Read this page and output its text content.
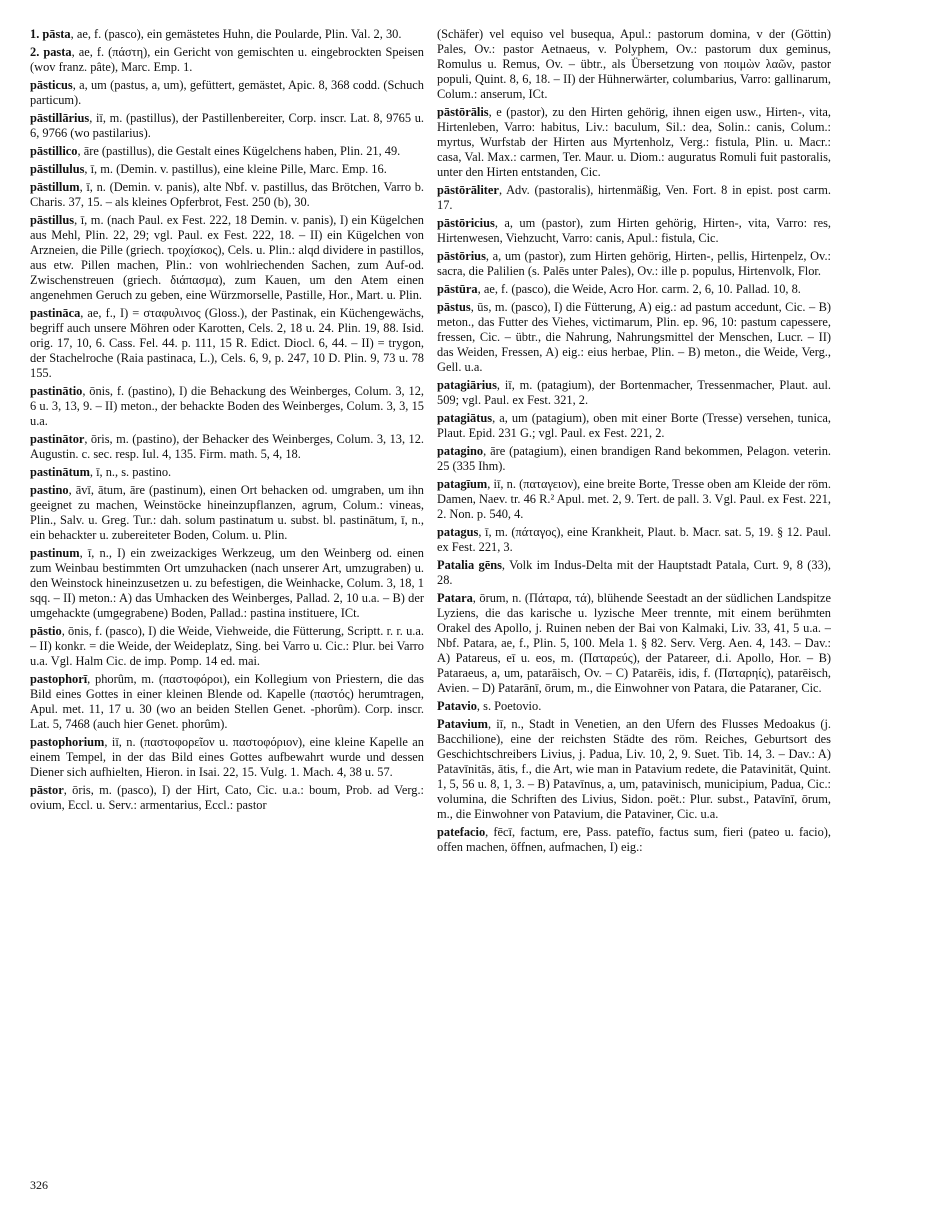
1. pāsta, ae, f. (pasco), ein gemästetes Huhn, die Poularde, Plin. Val. 2, 30.

2. pasta, ae, f. (πάστη), ein Gericht von gemischten u. eingebrockten Speisen (wov franz. pâte), Marc. Emp. 1.

pāsticus, a, um (pastus, a, um), gefüttert, gemästet, Apic. 8, 368 codd. (Schuch particum).

pāstillārius, iī, m. (pastillus), der Pastillenbereiter, Corp. inscr. Lat. 8, 9765 u. 6, 9766 (wo pastilarius).

pāstillico, āre (pastillus), die Gestalt eines Kügelchens haben, Plin. 21, 49.

pāstillulus, ī, m. (Demin. v. pastillus), eine kleine Pille, Marc. Emp. 16.

pāstillum, ī, n. (Demin. v. panis), alte Nbf. v. pastillus, das Brötchen, Varro b. Charis. 37, 15. – als kleines Opferbrot, Fest. 250 (b), 30.

pāstillus, ī, m. (nach Paul. ex Fest. 222, 18 Demin. v. panis), I) ein Kügelchen aus Mehl, Plin. 22, 29; vgl. Paul. ex Fest. 222, 18. – II) ein Kügelchen von Arzneien, die Pille (griech. τροχίσκος), Cels. u. Plin.: alqd dividere in pastillos, aus etw. Pillen machen, Plin.: von wohlriechenden Sachen, zum Auf-od. Zwischenstreuen (griech. διάπασμα), zum Kauen, um den Atem einen angenehmen Geruch zu geben, eine Würzmorselle, Pastille, Hor., Mart. u. Plin.

pastināca, ae, f., I) = σταφυλινος (Gloss.), der Pastinak, ein Küchengewächs, begriff auch unsere Möhren oder Karotten, Cels. 2, 18 u. 24. Plin. 19, 88. Isid. orig. 17, 10, 6. Cass. Fel. 44. p. 111, 15 R. Edict. Diocl. 6, 44. – II) = trygon, der Stachelroche (Raia pastinaca, L.), Cels. 6, 9, p. 247, 10 D. Plin. 9, 73 u. 78 155.

pastinātio, ōnis, f. (pastino), I) die Behackung des Weinberges, Colum. 3, 12, 6 u. 3, 13, 9. – II) meton., der behackte Boden des Weinberges, Colum. 3, 3, 15 u.a.

pastinātor, ōris, m. (pastino), der Behacker des Weinberges, Colum. 3, 13, 12. Augustin. c. sec. resp. Iul. 4, 135. Firm. math. 5, 4, 18.

pastinātum, ī, n., s. pastino.

pastino, āvī, ātum, āre (pastinum), einen Ort behacken od. umgraben, um ihn geeignet zu machen, Weinstöcke hineinzupflanzen, agrum, Colum.: vineas, Plin., Salv. u. Greg. Tur.: dah. solum pastinatum u. subst. bl. pastinātum, ī, n., ein behackter u. zubereiteter Boden, Colum. u. Plin.

pastinum, ī, n., I) ein zweizackiges Werkzeug, um den Weinberg od. einen zum Weinbau bestimmten Ort umzuhacken (nach unserer Art, umzugraben) u. den Weinstock hineinzusetzen u. zu befestigen, die Weinhacke, Colum. 3, 18, 1 sqq. – II) meton.: A) das Umhacken des Weinberges, Pallad. 2, 10 u.a. – B) der umgehackte (umgegrabene) Boden, Pallad.: pastina instituere, ICt.

pāstio, ōnis, f. (pasco), I) die Weide, Viehweide, die Fütterung, Scriptt. r. r. u.a. – II) konkr. = die Weide, der Weideplatz, Sing. bei Varro u. Cic.: Plur. bei Varro u.a. Vgl. Halm Cic. de imp. Pomp. 14 ed. mai.

pastophorī, phorûm, m. (παστοφόροι), ein Kollegium von Priestern, die das Bild eines Gottes in einer kleinen Blende od. Kapelle (παστός) herumtragen, Apul. met. 11, 17 u. 30 (wo an beiden Stellen Genet. -phorûm). Corp. inscr. Lat. 5, 7468 (auch hier Genet. phorûm).

pastophorium, iī, n. (παστοφορεῖον u. παστοφόριον), eine kleine Kapelle an einem Tempel, in der das Bild eines Gottes aufbewahrt wurde und dessen Diener sich aufhielten, Hieron. in Isai. 22, 15. Vulg. 1. Mach. 4, 38 u. 57.

pāstor, ōris, m. (pasco), I) der Hirt, Cato, Cic. u.a.: boum, Prob. ad Verg.: ovium, Eccl. u. Serv.: armentarius, Eccl.: pastor

(Schäfer) vel equiso vel busequa, Apul.: pastorum domina, v der (Göttin) Pales, Ov.: pastor Aetnaeus, v. Polyphem, Ov.: pastorum dux geminus, Romulus u. Remus, Ov. – übtr., als Übersetzung von ποιμὼν λαῶν, pastor populi, Quint. 8, 6, 18. – II) der Hühnerwärter, columbarius, Varro: gallinarum, Colum.: anserum, ICt.

pāstōrālis, e (pastor), zu den Hirten gehörig, ihnen eigen usw., Hirten-, vita, Hirtenleben, Varro: habitus, Liv.: baculum, Sil.: dea, Solin.: canis, Colum.: myrtus, Wurfstab der Hirten aus Myrtenholz, Verg.: fistula, Plin. u. Macr.: casa, Val. Max.: carmen, Ter. Maur. u. Diom.: auguratus Romuli fuit pastoralis, unter den Hirten entstanden, Cic.

pāstōrāliter, Adv. (pastoralis), hirtenmäßig, Ven. Fort. 8 in epist. post carm. 17.

pāstōricius, a, um (pastor), zum Hirten gehörig, Hirten-, vita, Varro: res, Hirtenwesen, Viehzucht, Varro: canis, Apul.: fistula, Cic.

pāstōrius, a, um (pastor), zum Hirten gehörig, Hirten-, pellis, Hirtenpelz, Ov.: sacra, die Palilien (s. Palēs unter Pales), Ov.: ille p. populus, Hirtenvolk, Flor.

pāstūra, ae, f. (pasco), die Weide, Acro Hor. carm. 2, 6, 10. Pallad. 10, 8.

pāstus, ūs, m. (pasco), I) die Fütterung, A) eig.: ad pastum accedunt, Cic. – B) meton., das Futter des Viehes, victimarum, Plin. ep. 96, 10: pastum capessere, fressen, Cic. – übtr., die Nahrung, Nahrungsmittel der Menschen, Lucr. – II) das Weiden, Fressen, A) eig.: eius herbae, Plin. – B) meton., die Weide, Verg., Gell. u.a.

patagiārius, iī, m. (patagium), der Bortenmacher, Tressenmacher, Plaut. aul. 509; vgl. Paul. ex Fest. 321, 2.

patagiātus, a, um (patagium), oben mit einer Borte (Tresse) versehen, tunica, Plaut. Epid. 231 G.; vgl. Paul. ex Fest. 221, 2.

patagino, āre (patagium), einen brandigen Rand bekommen, Pelagon. veterin. 25 (335 Ihm).

patagīum, iī, n. (παταγειον), eine breite Borte, Tresse oben am Kleide der röm. Damen, Naev. tr. 46 R.² Apul. met. 2, 9. Tert. de pall. 3. Vgl. Paul. ex Fest. 221, 2. Non. p. 540, 4.

patagus, ī, m. (πάταγος), eine Krankheit, Plaut. b. Macr. sat. 5, 19. § 12. Paul. ex Fest. 221, 3.

Patalia gēns, Volk im Indus-Delta mit der Hauptstadt Patala, Curt. 9, 8 (33), 28.

Patara, ōrum, n. (Πάταρα, τά), blühende Seestadt an der südlichen Landspitze Lyziens, die das karische u. lyzische Meer trennte, mit einem berühmten Orakel des Apollo, j. Ruinen neben der Bai von Kalmaki, Liv. 33, 41, 5 u.a. – Nbf. Patara, ae, f., Plin. 5, 100. Mela 1. § 82. Serv. Verg. Aen. 4, 143. – Dav.: A) Patareus, eī u. eos, m. (Παταρεύς), der Patareer, d.i. Apollo, Hor. – B) Pataraeus, a, um, patarāisch, Ov. – C) Patarēis, idis, f. (Παταρηίς), patarēisch, Avien. – D) Patarānī, ōrum, m., die Einwohner von Patara, die Pataraner, Cic.

Patavio, s. Poetovio.

Patavium, iī, n., Stadt in Venetien, an den Ufern des Flusses Medoakus (j. Bacchilione), eine der reichsten Städte des röm. Reiches, Geburtsort des Geschichtschreibers Livius, j. Padua, Liv. 10, 2, 9. Suet. Tib. 14, 3. – Dav.: A) Patavīnitās, ātis, f., die Art, wie man in Patavium redete, die Patavinität, Quint. 1, 5, 56 u. 8, 1, 3. – B) Patavīnus, a, um, patavinisch, municipium, Padua, Cic.: volumina, die Schriften des Livius, Sidon. poët.: Plur. subst., Patavīnī, ōrum, m., die Einwohner von Patavium, die Pataviner, Cic. u.a.

patefacio, fēcī, factum, ere, Pass. patefīo, factus sum, fieri (pateo u. facio), offen machen, öffnen, aufmachen, I) eig.:

326
